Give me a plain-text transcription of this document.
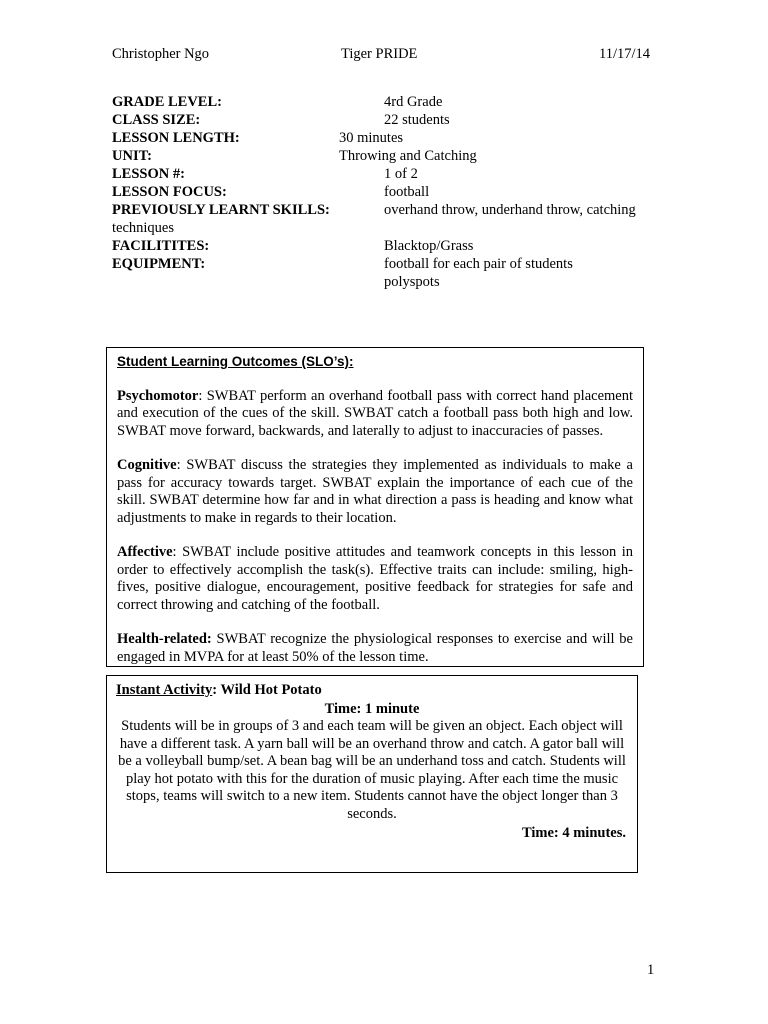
Christopher Ngo	Tiger PRIDE	11/17/14
GRADE LEVEL:	4rd Grade
CLASS SIZE:	22 students
LESSON LENGTH:	30 minutes
UNIT:	Throwing and Catching
LESSON #:	1 of 2
LESSON FOCUS:	football
PREVIOUSLY LEARNT SKILLS:	overhand throw, underhand throw, catching
techniques
FACILITITES:	Blacktop/Grass
EQUIPMENT:	football for each pair of students
polyspots
Student Learning Outcomes (SLO’s):

Psychomotor: SWBAT perform an overhand football pass with correct hand placement and execution of the cues of the skill. SWBAT catch a football pass both high and low. SWBAT move forward, backwards, and laterally to adjust to inaccuracies of passes.

Cognitive: SWBAT discuss the strategies they implemented as individuals to make a pass for accuracy towards target. SWBAT explain the importance of each cue of the skill. SWBAT determine how far and in what direction a pass is heading and know what adjustments to make in regards to their location.

Affective: SWBAT include positive attitudes and teamwork concepts in this lesson in order to effectively accomplish the task(s). Effective traits can include: smiling, high-fives, positive dialogue, encouragement, positive feedback for strategies for safe and correct throwing and catching of the football.

Health-related: SWBAT recognize the physiological responses to exercise and will be engaged in MVPA for at least 50% of the lesson time.

Instant Activity: Wild Hot Potato
Time: 1 minute
Students will be in groups of 3 and each team will be given an object. Each object will have a different task. A yarn ball will be an overhand throw and catch. A gator ball will be a volleyball bump/set. A bean bag will be an underhand toss and catch. Students will play hot potato with this for the duration of music playing. After each time the music stops, teams will switch to a new item. Students cannot have the object longer than 3 seconds.
Time: 4 minutes.
1
